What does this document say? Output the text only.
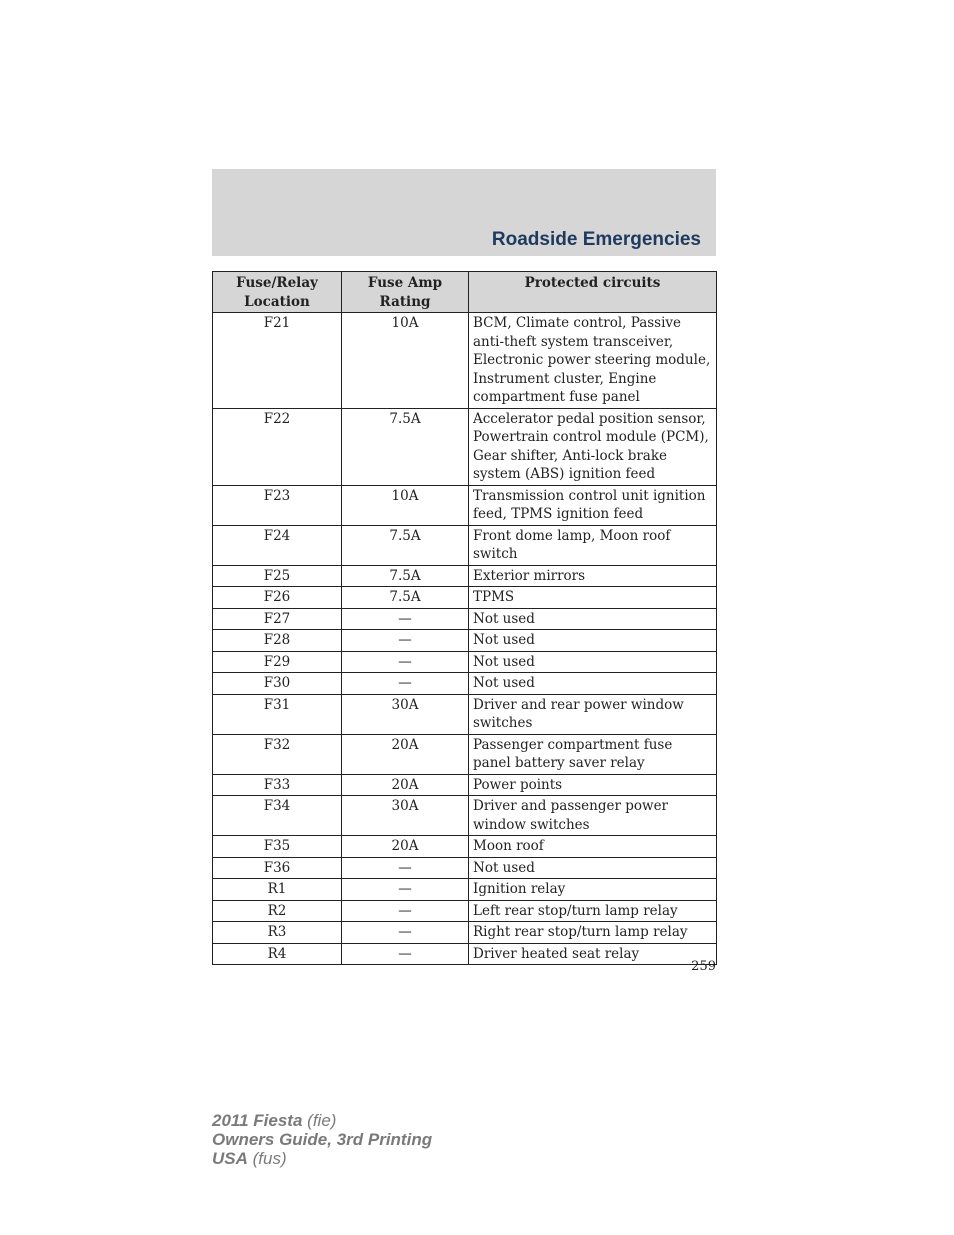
Roadside Emergencies
Fuse/Relay Location	Fuse Amp Rating	Protected circuits
F21	10A	BCM, Climate control, Passive anti-theft system transceiver, Electronic power steering module, Instrument cluster, Engine compartment fuse panel
F22	7.5A	Accelerator pedal position sensor, Powertrain control module (PCM), Gear shifter, Anti-lock brake system (ABS) ignition feed
F23	10A	Transmission control unit ignition feed, TPMS ignition feed
F24	7.5A	Front dome lamp, Moon roof switch
F25	7.5A	Exterior mirrors
F26	7.5A	TPMS
F27	—	Not used
F28	—	Not used
F29	—	Not used
F30	—	Not used
F31	30A	Driver and rear power window switches
F32	20A	Passenger compartment fuse panel battery saver relay
F33	20A	Power points
F34	30A	Driver and passenger power window switches
F35	20A	Moon roof
F36	—	Not used
R1	—	Ignition relay
R2	—	Left rear stop/turn lamp relay
R3	—	Right rear stop/turn lamp relay
R4	—	Driver heated seat relay
259
2011 Fiesta (fie)
Owners Guide, 3rd Printing
USA (fus)
